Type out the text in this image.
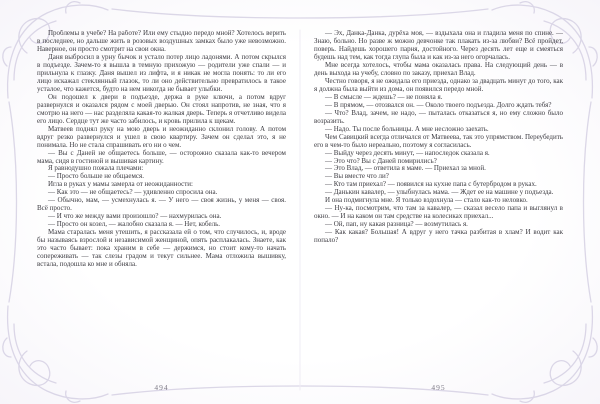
Проблемы в учебе? На работе? Или ему стыдно передо мной? Хотелось верить в последнее, но дальше жить в розовых воздушных замках было уже невозможно. Наверное, он просто смотрит на свои окна.

Даня выбросил в урну бычок и устало потер лицо ладонями. А потом скрылся в подъезде. Зачем-то я вышла в темную прихожую — родители уже спали — и прильнула к глазку. Даня вышел из лифта, и я никак не могла понять: то ли его лицо искажал стеклянный глазок, то ли оно действительно превратилось в такое усталое, что кажется, будто на нем никогда не бывает улыбки.

Он подошел к двери в подъезде, держа в руке ключи, а потом вдруг развернулся и оказался рядом с моей дверью. Он стоял напротив, не зная, что я смотрю на него — нас разделяла какая-то жалкая дверь. Теперь я отчетливо видела его лицо. Сердце тут же часто забилось, и кровь прилила к щекам.

Матвеев поднял руку на мою дверь и неожиданно склонил голову. А потом вдруг резко развернулся и ушел в свою квартиру. Зачем он сделал это, я не понимала. Но не стала спрашивать его ни о чем.

— Вы с Даней не общаетесь больше, — осторожно сказала как-то вечером мама, сидя в гостиной и вышивая картину.

Я равнодушно пожала плечами:

— Просто больше не общаемся.

Игла в руках у мамы замерла от неожиданности:

— Как это — не общаетесь? — удивленно спросила она.

— Обычно, мам, — усмехнулась я. — У него — своя жизнь, у меня — своя. Всё просто.

— И что же между вами произошло? — нахмурилась она.

— Просто он козел, — жалобно сказала я. — Нет, кобель.

Мама старалась меня утешить, я рассказала ей о том, что случилось, и, вроде бы называясь взрослой и независимой женщиной, опять расплакалась. Знаете, как это часто бывает: пока храним в себе — держимся, но стоит кому-то начать сопереживать — так слезы градом и текут сильнее. Мама отложила вышивку, встала, подошла ко мне и обняла.

494

— Эх, Данка-Данка, дурёха моя, — вздыхала она и гладила меня по спине. — Знаю, больно. Но разве ж можно девчонке так плакать из-за любви? Всё пройдет, поверь. Найдешь хорошего парня, достойного. Через десять лет еще и смеяться будешь над тем, как тогда глупа была и как из-за него огорчалась.

Мне всегда хотелось, чтобы мама оказалась права. На следующий день — в день выхода на учебу, словно по заказу, приехал Влад.

Честно говоря, я не ожидала его приезда, однако за двадцать минут до того, как я должна была выйти из дома, он появился передо мной.

— В смысле — ждешь? — не поняла я.

— В прямом, — отозвался он. — Около твоего подъезда. Долго ждать тебя?

— Что? Влад, зачем, не надо, — пыталась отказаться я, но ему сложно было возразить.

— Надо. Ты после больницы. А мне несложно заехать.

Чем Савицкий всегда отличался от Матвеева, так это упрямством. Переубедить его в чем-то было нереально, поэтому я согласилась.

— Выйду через десять минут, — напоследок сказала я.

— Это что? Вы с Даней помирились?

— Это Влад, — ответила я маме. — Приехал за мной.

— Вы вместе что ли?

— Кто там приехал? — появился на кухне папа с бутербродом в руках.

— Данькин кавалер, — улыбнулась мама. — Ждет ее на машине у подъезда.

И она подмигнула мне. Я только вздохнула — стало как-то неловко.

— Ну-ка, посмотрим, что там за кавалер, — сказал весело папа и выглянул в окно. — И на каком он там средстве на колесиках приехал...

— Ой, пап, ну какая разница? — возмутилась я.

— Как какая? Большая! А вдруг у него тачка разбитая в хлам? И водит как попало?

495
